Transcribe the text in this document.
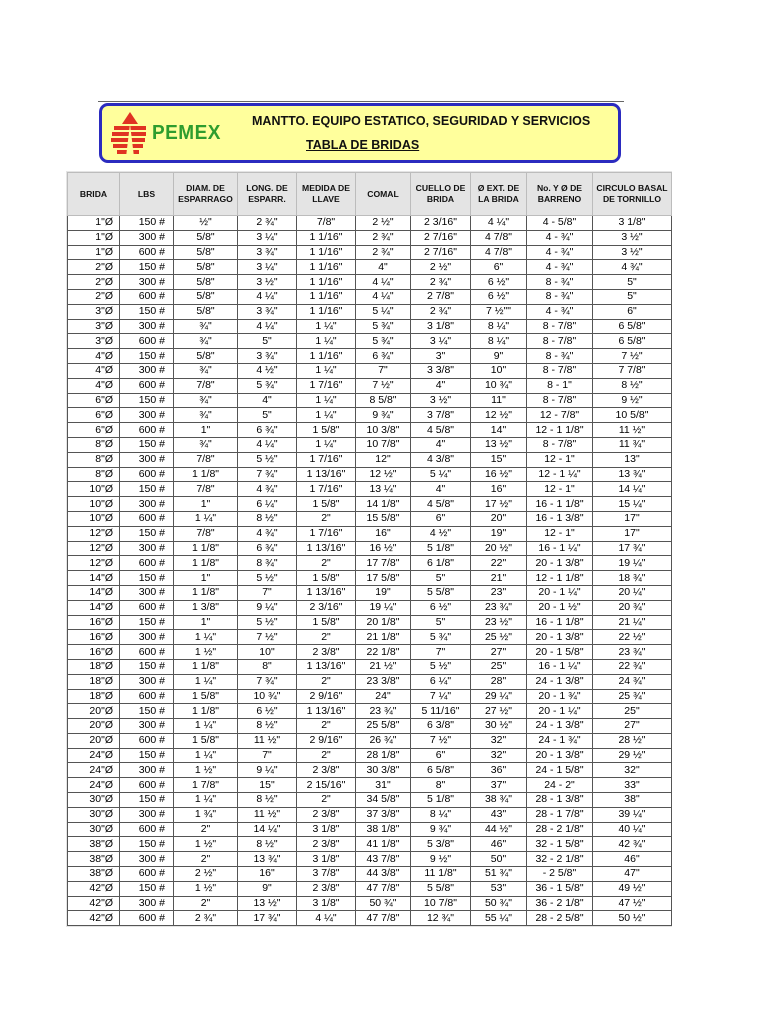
PEMEX
MANTTO. EQUIPO ESTATICO, SEGURIDAD Y SERVICIOS
TABLA DE BRIDAS
BRIDA	LBS	DIAM. DE ESPARRAGO	LONG. DE ESPARR.	MEDIDA DE LLAVE	COMAL	CUELLO DE BRIDA	Ø EXT. DE LA BRIDA	No. Y Ø DE BARRENO	CIRCULO BASAL DE TORNILLO
1"Ø	150 #	½"	2 ¾"	7/8"	2 ½"	2 3/16"	4 ¼"	4 - 5/8"	3 1/8"
1"Ø	300 #	5/8"	3 ¼"	1 1/16"	2 ¾"	2 7/16"	4 7/8"	4 - ¾"	3 ½"
1"Ø	600 #	5/8"	3 ¾"	1 1/16"	2 ¾"	2 7/16"	4 7/8"	4 - ¾"	3 ½"
2"Ø	150 #	5/8"	3 ¼"	1 1/16"	4"	2 ½"	6"	4 - ¾"	4 ¾"
2"Ø	300 #	5/8"	3 ½"	1 1/16"	4 ¼"	2 ¾"	6 ½"	8 - ¾"	5"
2"Ø	600 #	5/8"	4 ¼"	1 1/16"	4 ¼"	2 7/8"	6 ½"	8 - ¾"	5"
3"Ø	150 #	5/8"	3 ¾"	1 1/16"	5 ¼"	2 ¾"	7 ½""	4 - ¾"	6"
3"Ø	300 #	¾"	4 ¼"	1 ¼"	5 ¾"	3 1/8"	8 ¼"	8 - 7/8"	6 5/8"
3"Ø	600 #	¾"	5"	1 ¼"	5 ¾"	3 ¼"	8 ¼"	8 - 7/8"	6 5/8"
4"Ø	150 #	5/8"	3 ¾"	1 1/16"	6 ¾"	3"	9"	8 - ¾"	7 ½"
4"Ø	300 #	¾"	4 ½"	1 ¼"	7"	3 3/8"	10"	8 - 7/8"	7 7/8"
4"Ø	600 #	7/8"	5 ¾"	1 7/16"	7 ½"	4"	10 ¾"	8 - 1"	8 ½"
6"Ø	150 #	¾"	4"	1 ¼"	8 5/8"	3 ½"	11"	8 - 7/8"	9 ½"
6"Ø	300 #	¾"	5"	1 ¼"	9 ¾"	3 7/8"	12 ½"	12 - 7/8"	10 5/8"
6"Ø	600 #	1"	6 ¾"	1 5/8"	10 3/8"	4 5/8"	14"	12 - 1 1/8"	11 ½"
8"Ø	150 #	¾"	4 ¼"	1 ¼"	10 7/8"	4"	13 ½"	8 - 7/8"	11 ¾"
8"Ø	300 #	7/8"	5 ½"	1 7/16"	12"	4 3/8"	15"	12 - 1"	13"
8"Ø	600 #	1 1/8"	7 ¾"	1 13/16"	12 ½"	5 ¼"	16 ½"	12 - 1 ¼"	13 ¾"
10"Ø	150 #	7/8"	4 ¾"	1 7/16"	13 ¼"	4"	16"	12 - 1"	14 ¼"
10"Ø	300 #	1"	6 ¼"	1 5/8"	14 1/8"	4 5/8"	17 ½"	16 - 1 1/8"	15 ¼"
10"Ø	600 #	1 ¼"	8 ½"	2"	15 5/8"	6"	20"	16 - 1 3/8"	17"
12"Ø	150 #	7/8"	4 ¾"	1 7/16"	16"	4 ½"	19"	12 - 1"	17"
12"Ø	300 #	1 1/8"	6 ¾"	1 13/16"	16 ½"	5 1/8"	20 ½"	16 - 1 ¼"	17 ¾"
12"Ø	600 #	1 1/8"	8 ¾"	2"	17 7/8"	6 1/8"	22"	20 - 1 3/8"	19 ¼"
14"Ø	150 #	1"	5 ½"	1 5/8"	17 5/8"	5"	21"	12 - 1 1/8"	18 ¾"
14"Ø	300 #	1 1/8"	7"	1 13/16"	19"	5 5/8"	23"	20 - 1 ¼"	20 ¼"
14"Ø	600 #	1 3/8"	9 ¼"	2 3/16"	19 ¼"	6 ½"	23 ¾"	20 - 1 ½"	20 ¾"
16"Ø	150 #	1"	5 ½"	1 5/8"	20 1/8"	5"	23 ½"	16 - 1 1/8"	21 ¼"
16"Ø	300 #	1 ¼"	7 ½"	2"	21 1/8"	5 ¾"	25 ½"	20 - 1 3/8"	22 ½"
16"Ø	600 #	1 ½"	10"	2 3/8"	22 1/8"	7"	27"	20 - 1 5/8"	23 ¾"
18"Ø	150 #	1 1/8"	8"	1 13/16"	21 ½"	5 ½"	25"	16 - 1 ¼"	22 ¾"
18"Ø	300 #	1 ¼"	7 ¾"	2"	23 3/8"	6 ¼"	28"	24 - 1 3/8"	24 ¾"
18"Ø	600 #	1 5/8"	10 ¾"	2 9/16"	24"	7 ¼"	29 ¼"	20 - 1 ¾"	25 ¾"
20"Ø	150 #	1 1/8"	6 ½"	1 13/16"	23 ¾"	5 11/16"	27 ½"	20 - 1 ¼"	25"
20"Ø	300 #	1 ¼"	8 ½"	2"	25 5/8"	6 3/8"	30 ½"	24 - 1 3/8"	27"
20"Ø	600 #	1 5/8"	11 ½"	2 9/16"	26 ¾"	7 ½"	32"	24 - 1 ¾"	28 ½"
24"Ø	150 #	1 ¼"	7"	2"	28 1/8"	6"	32"	20 - 1 3/8"	29 ½"
24"Ø	300 #	1 ½"	9 ¼"	2 3/8"	30 3/8"	6 5/8"	36"	24 - 1 5/8"	32"
24"Ø	600 #	1 7/8"	15"	2 15/16"	31"	8"	37"	24 - 2"	33"
30"Ø	150 #	1 ¼"	8 ½"	2"	34 5/8"	5 1/8"	38 ¾"	28 - 1 3/8"	38"
30"Ø	300 #	1 ¾"	11 ½"	2 3/8"	37 3/8"	8 ¼"	43"	28 - 1 7/8"	39 ¼"
30"Ø	600 #	2"	14 ¼"	3 1/8"	38 1/8"	9 ¾"	44 ½"	28 - 2 1/8"	40 ¼"
38"Ø	150 #	1 ½"	8 ½"	2 3/8"	41 1/8"	5 3/8"	46"	32 - 1 5/8"	42 ¾"
38"Ø	300 #	2"	13 ¾"	3 1/8"	43 7/8"	9 ½"	50"	32 - 2 1/8"	46"
38"Ø	600 #	2 ½"	16"	3 7/8"	44 3/8"	11 1/8"	51 ¾"	- 2 5/8"	47"
42"Ø	150 #	1 ½"	9"	2 3/8"	47 7/8"	5 5/8"	53"	36 - 1 5/8"	49 ½"
42"Ø	300 #	2"	13 ½"	3 1/8"	50 ¾"	10 7/8"	50 ¾"	36 - 2 1/8"	47 ½"
42"Ø	600 #	2 ¾"	17 ¾"	4 ¼"	47 7/8"	12 ¾"	55 ¼"	28 - 2 5/8"	50 ½"
